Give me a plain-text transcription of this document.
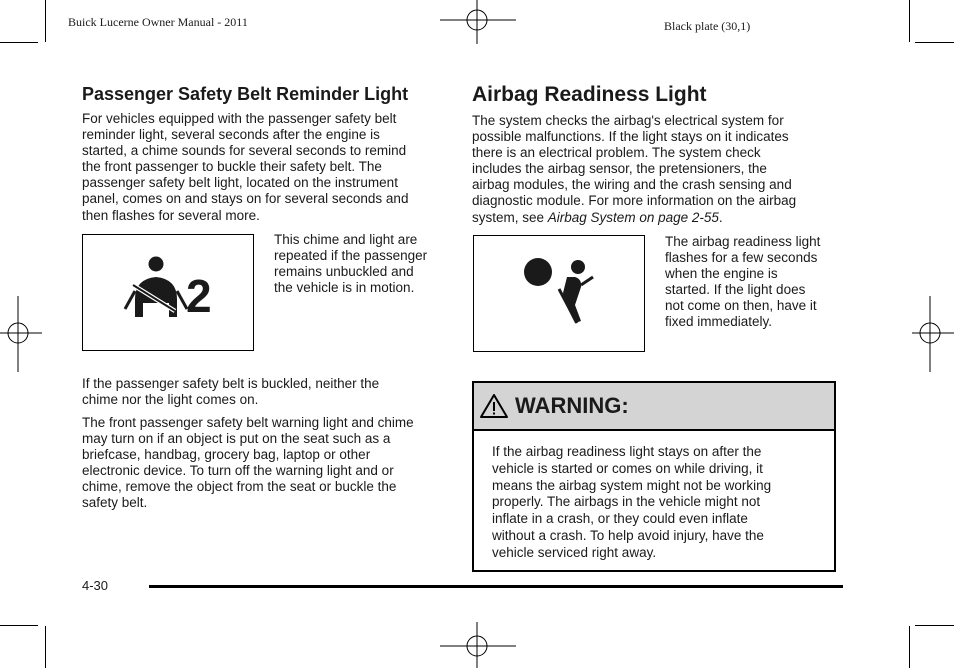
Buick Lucerne Owner Manual - 2011	Black plate (30,1)
Passenger Safety Belt Reminder Light

For vehicles equipped with the passenger safety belt
reminder light, several seconds after the engine is
started, a chime sounds for several seconds to remind
the front passenger to buckle their safety belt. The
passenger safety belt light, located on the instrument
panel, comes on and stays on for several seconds and
then flashes for several more.

2

This chime and light are
repeated if the passenger
remains unbuckled and
the vehicle is in motion.

If the passenger safety belt is buckled, neither the
chime nor the light comes on.

The front passenger safety belt warning light and chime
may turn on if an object is put on the seat such as a
briefcase, handbag, grocery bag, laptop or other
electronic device. To turn off the warning light and or
chime, remove the object from the seat or buckle the
safety belt.

Airbag Readiness Light

The system checks the airbag's electrical system for
possible malfunctions. If the light stays on it indicates
there is an electrical problem. The system check
includes the airbag sensor, the pretensioners, the
airbag modules, the wiring and the crash sensing and
diagnostic module. For more information on the airbag
system, see Airbag System on page 2-55.

The airbag readiness light
flashes for a few seconds
when the engine is
started. If the light does
not come on then, have it
fixed immediately.

WARNING:

If the airbag readiness light stays on after the
vehicle is started or comes on while driving, it
means the airbag system might not be working
properly. The airbags in the vehicle might not
inflate in a crash, or they could even inflate
without a crash. To help avoid injury, have the
vehicle serviced right away.

4-30
